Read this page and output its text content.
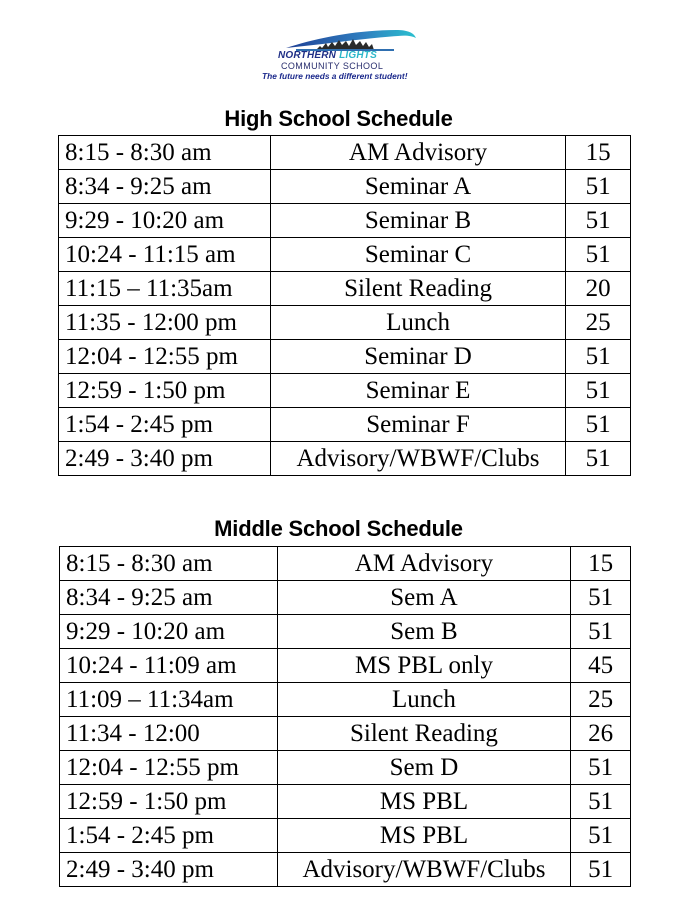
NORTHERN LIGHTS
COMMUNITY SCHOOL
The future needs a different student!
High School Schedule
8:15 - 8:30 am	AM Advisory	15
8:34 - 9:25 am	Seminar A	51
9:29 - 10:20 am	Seminar B	51
10:24 - 11:15 am	Seminar C	51
11:15 – 11:35am	Silent Reading	20
11:35 - 12:00 pm	Lunch	25
12:04 - 12:55 pm	Seminar D	51
12:59 - 1:50 pm	Seminar E	51
1:54 - 2:45 pm	Seminar F	51
2:49 - 3:40 pm	Advisory/WBWF/Clubs	51
Middle School Schedule
8:15 - 8:30 am	AM Advisory	15
8:34 - 9:25 am	Sem A	51
9:29 - 10:20 am	Sem B	51
10:24 - 11:09 am	MS PBL only	45
11:09 – 11:34am	Lunch	25
11:34 - 12:00	Silent Reading	26
12:04 - 12:55 pm	Sem D	51
12:59 - 1:50 pm	MS PBL	51
1:54 - 2:45 pm	MS PBL	51
2:49 - 3:40 pm	Advisory/WBWF/Clubs	51
